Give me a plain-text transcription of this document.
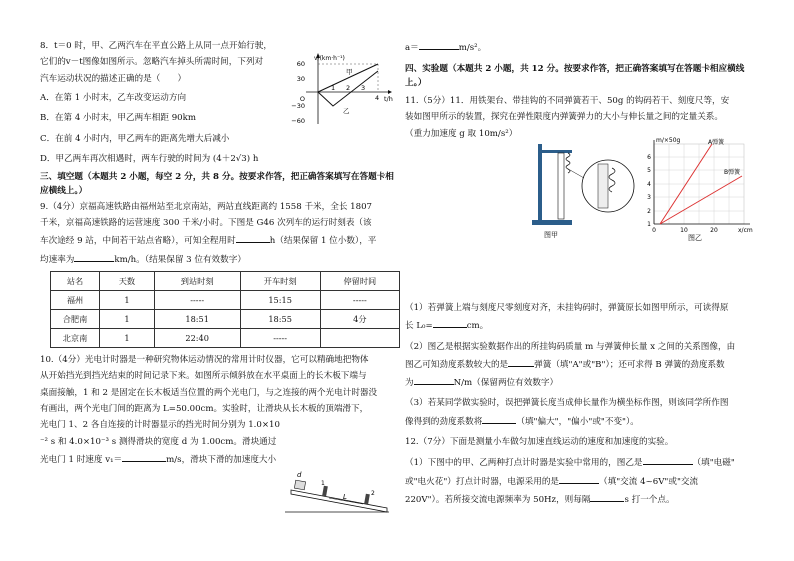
8．t＝0 时，甲、乙两汽车在平直公路上从同一点开始行驶，

它们的v－t图像如图所示。忽略汽车掉头所需时间，下列对

汽车运动状况的描述正确的是（　　）

A．在第 1 小时末，乙车改变运动方向

B．在第 4 小时末，甲乙两车相距 90km

C．在前 4 小时内，甲乙两车的距离先增大后减小

D．甲乙两车再次相遇时，两车行驶的时间为 (4＋2√3) h

三、填空题（本题共 2 小题，每空 2 分，共 8 分。按要求作答，把正确答案填写在答题卡相应横线上。）

9.（4分）京福高速铁路由福州站至北京南站，两站直线距离约 1558 千米，全长 1807

千米，京福高速铁路的运营速度 300 千米/小时。下图是 G46 次列车的运行时刻表（该

车次途经 9 站，中间若干站点省略），可知全程用时	h（结果保留 1 位小数），平

均速率为	km/h。（结果保留 3 位有效数字）

站名	天数	到站时刻	开车时刻	停留时间
福州	1	-----	15:15	-----
合肥南	1	18:51	18:55	4分
北京南	1	22:40	-----	

10.（4分）光电计时器是一种研究物体运动情况的常用计时仪器，它可以精确地把物体

从开始挡光到挡光结束的时间记录下来。如图所示倾斜放在水平桌面上的长木板下端与

桌面接触，1 和 2 是固定在长木板适当位置的两个光电门，与之连接的两个光电计时器没

有画出，两个光电门间的距离为 L=50.00cm。实验时，让滑块从长木板的顶端滑下，

光电门 1、2 各自连接的计时器显示的挡光时间分别为 1.0×10

⁻² s 和 4.0×10⁻³ s 测得滑块的宽度 d 为 1.00cm。滑块通过

光电门 1 时速度 v₁＝	m/s，滑块下滑的加速度大小

v/(km·h⁻¹)
60
30
O
−30
−60
1 2 3
4 t/h
甲
乙
d
L
1
2

a＝	m/s²。

四、实验题（本题共 2 小题，共 12 分。按要求作答，把正确答案填写在答题卡相应横线上。）

11.（5分）11．用铁架台、带挂钩的不同弹簧若干、50g 的钩码若干、刻度尺等，安

装如图甲所示的装置，探究在弹性限度内弹簧弹力的大小与伸长量之间的定量关系。

（重力加速度 g 取 10m/s²）

（1）若弹簧上端与刻度尺零刻度对齐，未挂钩码时，弹簧原长如图甲所示，可读得原

长 L₀=	cm。

（2）图乙是根据实验数据作出的所挂钩码质量 m 与弹簧伸长量 x 之间的关系图像，由

图乙可知劲度系数较大的是	弹簧（填"A"或"B"）；还可求得 B 弹簧的劲度系数

为	N/m（保留两位有效数字）

（3）若某同学做实验时，误把弹簧长度当成伸长量作为横坐标作图，则该同学所作图

像得到的劲度系数将	（填"偏大"，"偏小"或"不变"）。

12.（7分）下面是测量小车做匀加速直线运动的速度和加速度的实验。

（1）下图中的甲、乙两种打点计时器是实验中常用的，图乙是	（填"电磁"

或"电火花"）打点计时器，电源采用的是	（填"交流 4~6V"或"交流

220V"）。若所接交流电源频率为 50Hz，则每隔	s 打一个点。

图甲
m/×50g	A弹簧
B弹簧
6
5
4
3
2
1
0	10	20	x/cm
图乙
